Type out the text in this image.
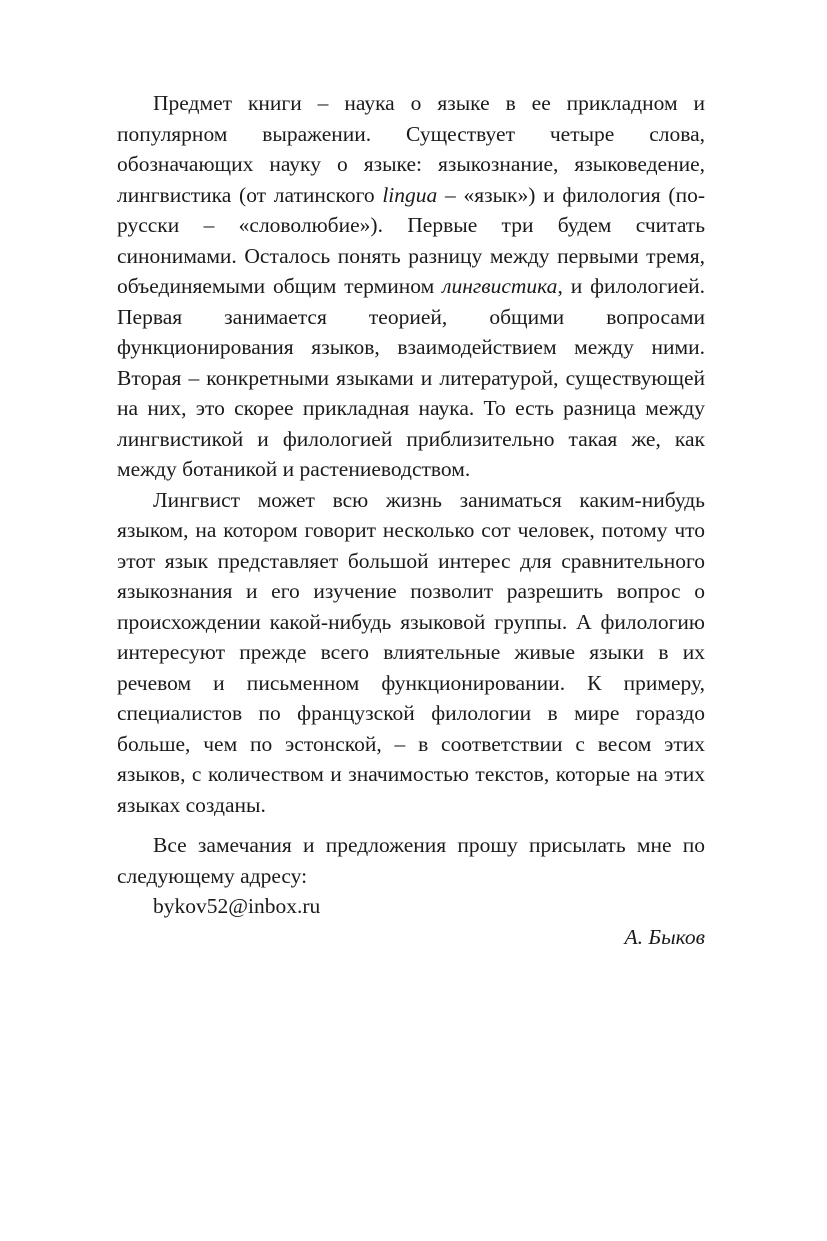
Предмет книги – наука о языке в ее прикладном и популярном выражении. Существует четыре слова, обозначающих науку о языке: языкознание, языковедение, лингвистика (от латинского lingua – «язык») и филология (по-русски – «словолюбие»). Первые три будем считать синонимами. Осталось понять разницу между первыми тремя, объединяемыми общим термином лингвистика, и филологией. Первая занимается теорией, общими вопросами функционирования языков, взаимодействием между ними. Вторая – конкретными языками и литературой, существующей на них, это скорее прикладная наука. То есть разница между лингвистикой и филологией приблизительно такая же, как между ботаникой и растениеводством.

Лингвист может всю жизнь заниматься каким-нибудь языком, на котором говорит несколько сот человек, потому что этот язык представляет большой интерес для сравнительного языкознания и его изучение позволит разрешить вопрос о происхождении какой-нибудь языковой группы. А филологию интересуют прежде всего влиятельные живые языки в их речевом и письменном функционировании. К примеру, специалистов по французской филологии в мире гораздо больше, чем по эстонской, – в соответствии с весом этих языков, с количеством и значимостью текстов, которые на этих языках созданы.

Все замечания и предложения прошу присылать мне по следующему адресу:

bykov52@inbox.ru

А. Быков
